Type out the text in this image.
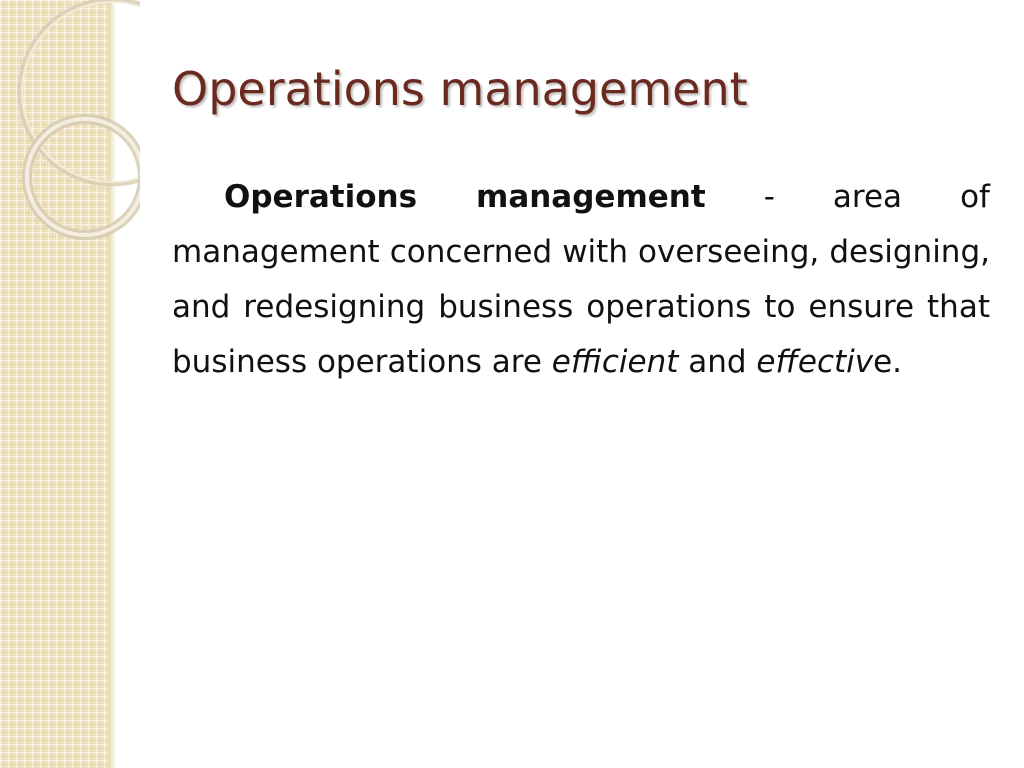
Operations management

Operations management - area of management concerned with overseeing, designing, and redesigning business operations to ensure that business operations are efficient and effective.
